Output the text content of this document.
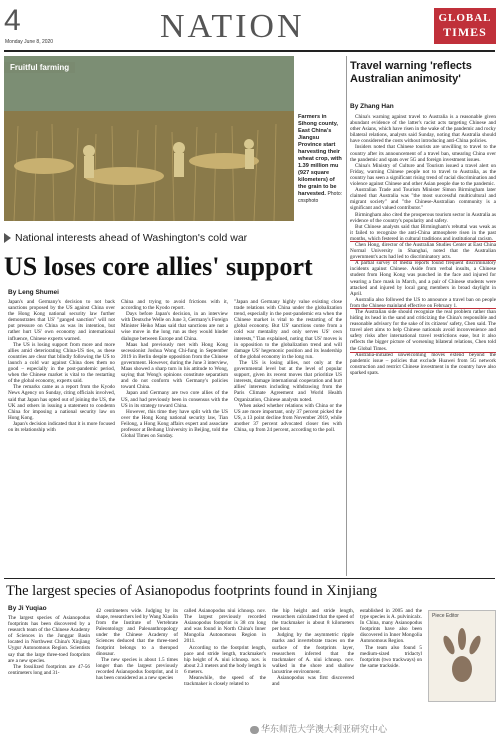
4
Monday June 8, 2020	NATION	GLOBAL
TIMES
Fruitful farming
Farmers in Sihong county, East China's Jiangsu Province start harvesting their wheat crop, with 1.39 million mu (927 square kilometers) of the grain to be harvested. Photo: cnsphoto
Travel warning 'reflects Australian animosity'
By Zhang Han

China's warning against travel to Australia is a reasonable given abundant evidence of the latter's racist acts targeting Chinese and other Asians, which have risen in the wake of the pandemic and rocky bilateral relations, analysts said Sunday, noting that Australia should have considered the costs without introducing anti-China policies.

Insiders noted that Chinese tourists are unwilling to travel to the country after its announcement of a travel ban, smearing China over the pandemic and spats over 5G and foreign investment issues.

China's Ministry of Culture and Tourism issued a travel alert on Friday, warning Chinese people not to travel to Australia, as the country has seen a significant rising trend of racial discrimination and violence against Chinese and other Asian people due to the pandemic.

Australian Trade and Tourism Minister Simon Birmingham later claimed that Australia was "the most successful multicultural and migrant society" and "the Chinese-Australian community is a significant and valued contributor."

Birmingham also cited the prosperous tourism sector in Australia as evidence of the country's popularity and safety.

But Chinese analysts said that Birmingham's rebuttal was weak as it failed to recognize the anti-China atmosphere risen in the past months, which festered in cultural traditions and institutional racism.

Chen Hong, director of the Australian Studies Center at East China Normal University in Shanghai, noted that the Australian government's acts had led to discriminatory acts.

A partial survey of media reports found frequent discriminatory incidents against Chinese. Aside from verbal insults, a Chinese student from Hong Kong was punched in the face and injured for wearing a face mask in March, and a pair of Chinese students were attacked and injured by local gang members in broad daylight in April.

Australia also followed the US to announce a travel ban on people from the Chinese mainland effective on February 1.

The Australian side should recognize the real problem rather than hiding its head in the sand and criticizing the China's responsible and reasonable advisory for the sake of its citizens' safety, Chen said. The travel alert aims to help Chinese nationals avoid inconvenience and safety risks after international travel restrictions ease, but it also reflects the bigger picture of worsening bilateral relations, Chen told the Global Times.

Australia-initiated unwelcoming moves extend beyond the pandemic issue – policies that exclude Huawei from 5G network construction and restrict Chinese investment in the country have also sparked spats.

National interests ahead of Washington's cold war
US loses core allies' support
By Leng Shumei

Japan's and Germany's decision to not back sanctions proposed by the US against China over the Hong Kong national security law further demonstrates that US' "ganged sanction" will not put pressure on China as was its intention, but rather hurt US' own economy and international influence, Chinese experts warned.

The US is losing support from more and more allies amid deteriorating China-US ties, as these countries are clear that blindly following the US to launch a cold war against China does them no good – especially in the post-pandemic period, when the Chinese market is vital to the restarting of the global economy, experts said.

The remarks came as a report from the Kyodo News Agency on Sunday, citing officials involved, said that Japan has opted out of joining the US, the UK and others in issuing a statement to condemn China for imposing a national security law on Hong Kong.

Japan's decision indicated that it is more focused on its relationship with

China and trying to avoid frictions with it, according to the Kyodo report.

Days before Japan's decision, in an interview with Deutsche Welle on June 3, Germany's Foreign Minister Heiko Maas said that sanctions are not a wise move in the long run as they would hinder dialogue between Europe and China.

Maas had previously met with Hong Kong secessionist Joshua Wong Chi-fung in September 2019 in Berlin despite opposition from the Chinese government. However, during the June 3 interview, Maas showed a sharp turn in his attitude to Wong, saying that Wong's opinions constitute separatism and do not conform with Germany's policies toward China.

Japan and Germany are two core allies of the US, and had previously been in consensus with the US in its strategy toward China.

However, this time they have split with the US over the Hong Kong national security law, Tian Feilong, a Hong Kong affairs expert and associate professor at Beihang University in Beijing, told the Global Times on Sunday.

"Japan and Germany highly value existing close trade relations with China under the globalization trend, especially in the post-pandemic era when the Chinese market is vital to the restarting of the global economy. But US' sanctions come from a cold war mentality and only serves US' own interests," Tian explained, noting that US' moves is in opposition to the globalization trend and will damage US' hegemonic position and its leadership of the global economy in the long run.

The US is losing allies, not only at the governmental level but at the level of popular support, given its recent moves that prioritize US interests, damage international cooperation and hurt allies' interests including withdrawing from the Paris Climate Agreement and World Health Organization, Chinese analysts noted.

When asked whether relations with China or the US are more important, only 37 percent picked the US, a 13 point decline from November 2019, while another 37 percent advocated closer ties with China, up from 24 percent, according to the poll.

The largest species of Asianopodus footprints found in Xinjiang
By Ji Yuqiao

The largest species of Asianopodus footprints has been discovered by a research team of the Chinese Academy of Sciences in the Junggar Basin located in Northwest China's Xinjiang Uygur Autonomous Region. Scientists say that the large three-toed footprints are a new species.

The fossilized footprints are 47-56 centimeters long and 31-

42 centimeters wide. Judging by its shape, researchers led by Wang Xiaolin from the Institute of Vertebrate Paleontology and Paleoanthropology under the Chinese Academy of Sciences deduced that the three-toed footprint belongs to a theropod dinosaur.

The new species is about 1.5 times longer than the largest previously recorded Asianopodus footprint, and it has been considered as a new species

called Asianopodus niui ichnosp. nov. The largest previously recorded Asianopodus footprint is 38 cm long and was found in North China's Inner Mongolia Autonomous Region in 2011.

According to the footprint length, pace and stride length, trackmaker's hip height of A. niui ichnosp. nov. is about 2.3 meters and the body length is 6 meters.

Meanwhile, the speed of the trackmaker is closely related to

the hip height and stride length, researchers calculated that the speed of the trackmaker is about 8 kilometers per hour.

Judging by the asymmetric ripple marks and invertebrate traces on the surface of the footprints layer, researchers inferred that the trackmaker of A. niui ichnosp. nov. walked in the shore and shallow lacustrine environment.

Asianopodus was first discovered and

established in 2005 and the type species is A. pulvinicalx. In China, many Asianopodus footprints have also been discovered in Inner Mongolia Autonomous Region.

The team also found 5 medium-sized tridactyl footprints (two trackways) on the same trackside.

Piece Editor
华东师范大学澳大利亚研究中心
